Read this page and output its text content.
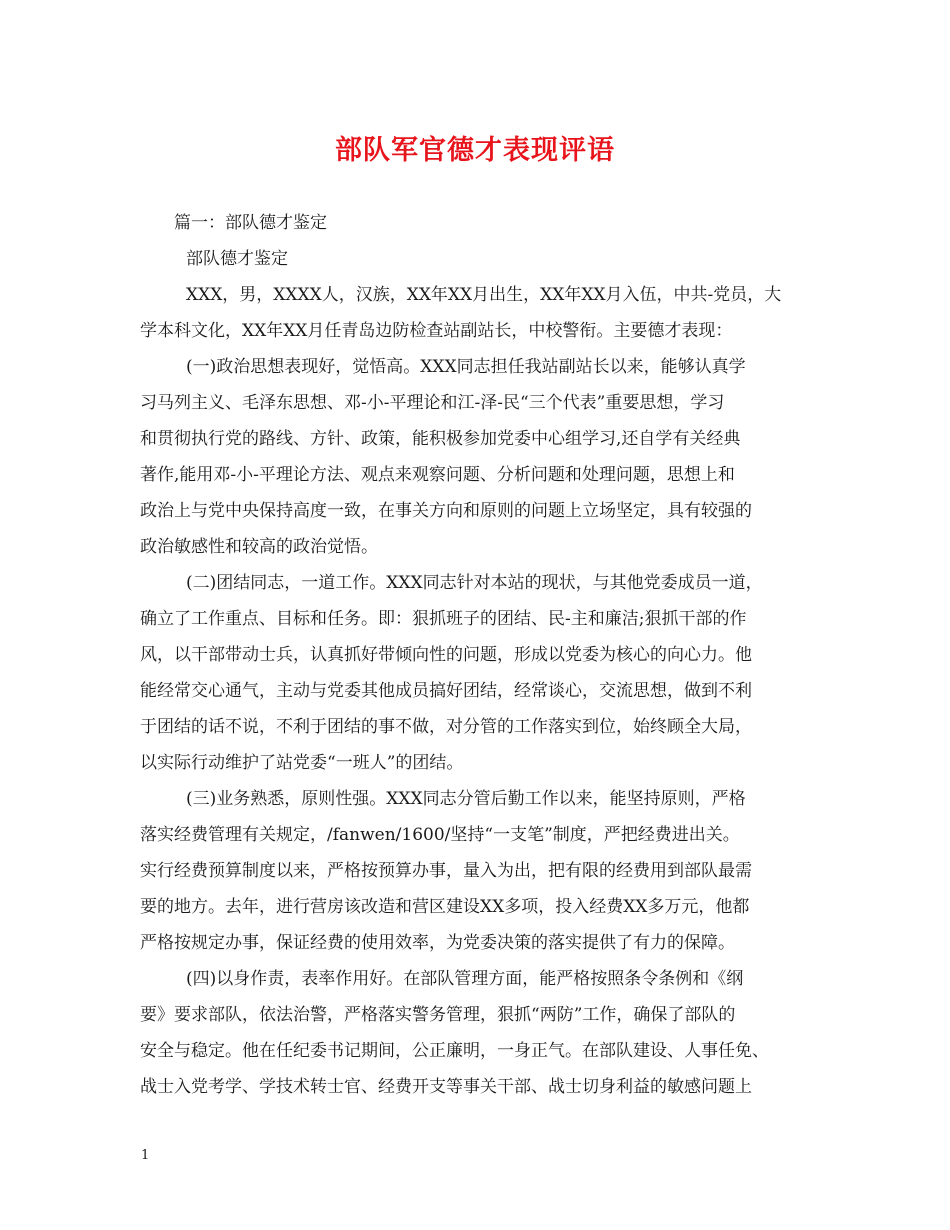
部队军官德才表现评语
篇一：部队德才鉴定
部队德才鉴定
XXX，男，XXXX人，汉族，XX年XX月出生，XX年XX月入伍，中共-党员，大
学本科文化，XX年XX月任青岛边防检查站副站长，中校警衔。主要德才表现：
(一)政治思想表现好，觉悟高。XXX同志担任我站副站长以来，能够认真学
习马列主义、毛泽东思想、邓-小-平理论和江-泽-民“三个代表”重要思想，学习
和贯彻执行党的路线、方针、政策，能积极参加党委中心组学习,还自学有关经典
著作,能用邓-小-平理论方法、观点来观察问题、分析问题和处理问题，思想上和
政治上与党中央保持高度一致，在事关方向和原则的问题上立场坚定，具有较强的
政治敏感性和较高的政治觉悟。
(二)团结同志，一道工作。XXX同志针对本站的现状，与其他党委成员一道，
确立了工作重点、目标和任务。即：狠抓班子的团结、民-主和廉洁;狠抓干部的作
风，以干部带动士兵，认真抓好带倾向性的问题，形成以党委为核心的向心力。他
能经常交心通气，主动与党委其他成员搞好团结，经常谈心，交流思想，做到不利
于团结的话不说，不利于团结的事不做，对分管的工作落实到位，始终顾全大局，
以实际行动维护了站党委“一班人”的团结。
(三)业务熟悉，原则性强。XXX同志分管后勤工作以来，能坚持原则，严格
落实经费管理有关规定，/fanwen/1600/坚持“一支笔”制度，严把经费进出关。
实行经费预算制度以来，严格按预算办事，量入为出，把有限的经费用到部队最需
要的地方。去年，进行营房该改造和营区建设XX多项，投入经费XX多万元，他都
严格按规定办事，保证经费的使用效率，为党委决策的落实提供了有力的保障。
(四)以身作责，表率作用好。在部队管理方面，能严格按照条令条例和《纲
要》要求部队，依法治警，严格落实警务管理，狠抓“两防”工作，确保了部队的
安全与稳定。他在任纪委书记期间，公正廉明，一身正气。在部队建设、人事任免、
战士入党考学、学技术转士官、经费开支等事关干部、战士切身利益的敏感问题上
1
